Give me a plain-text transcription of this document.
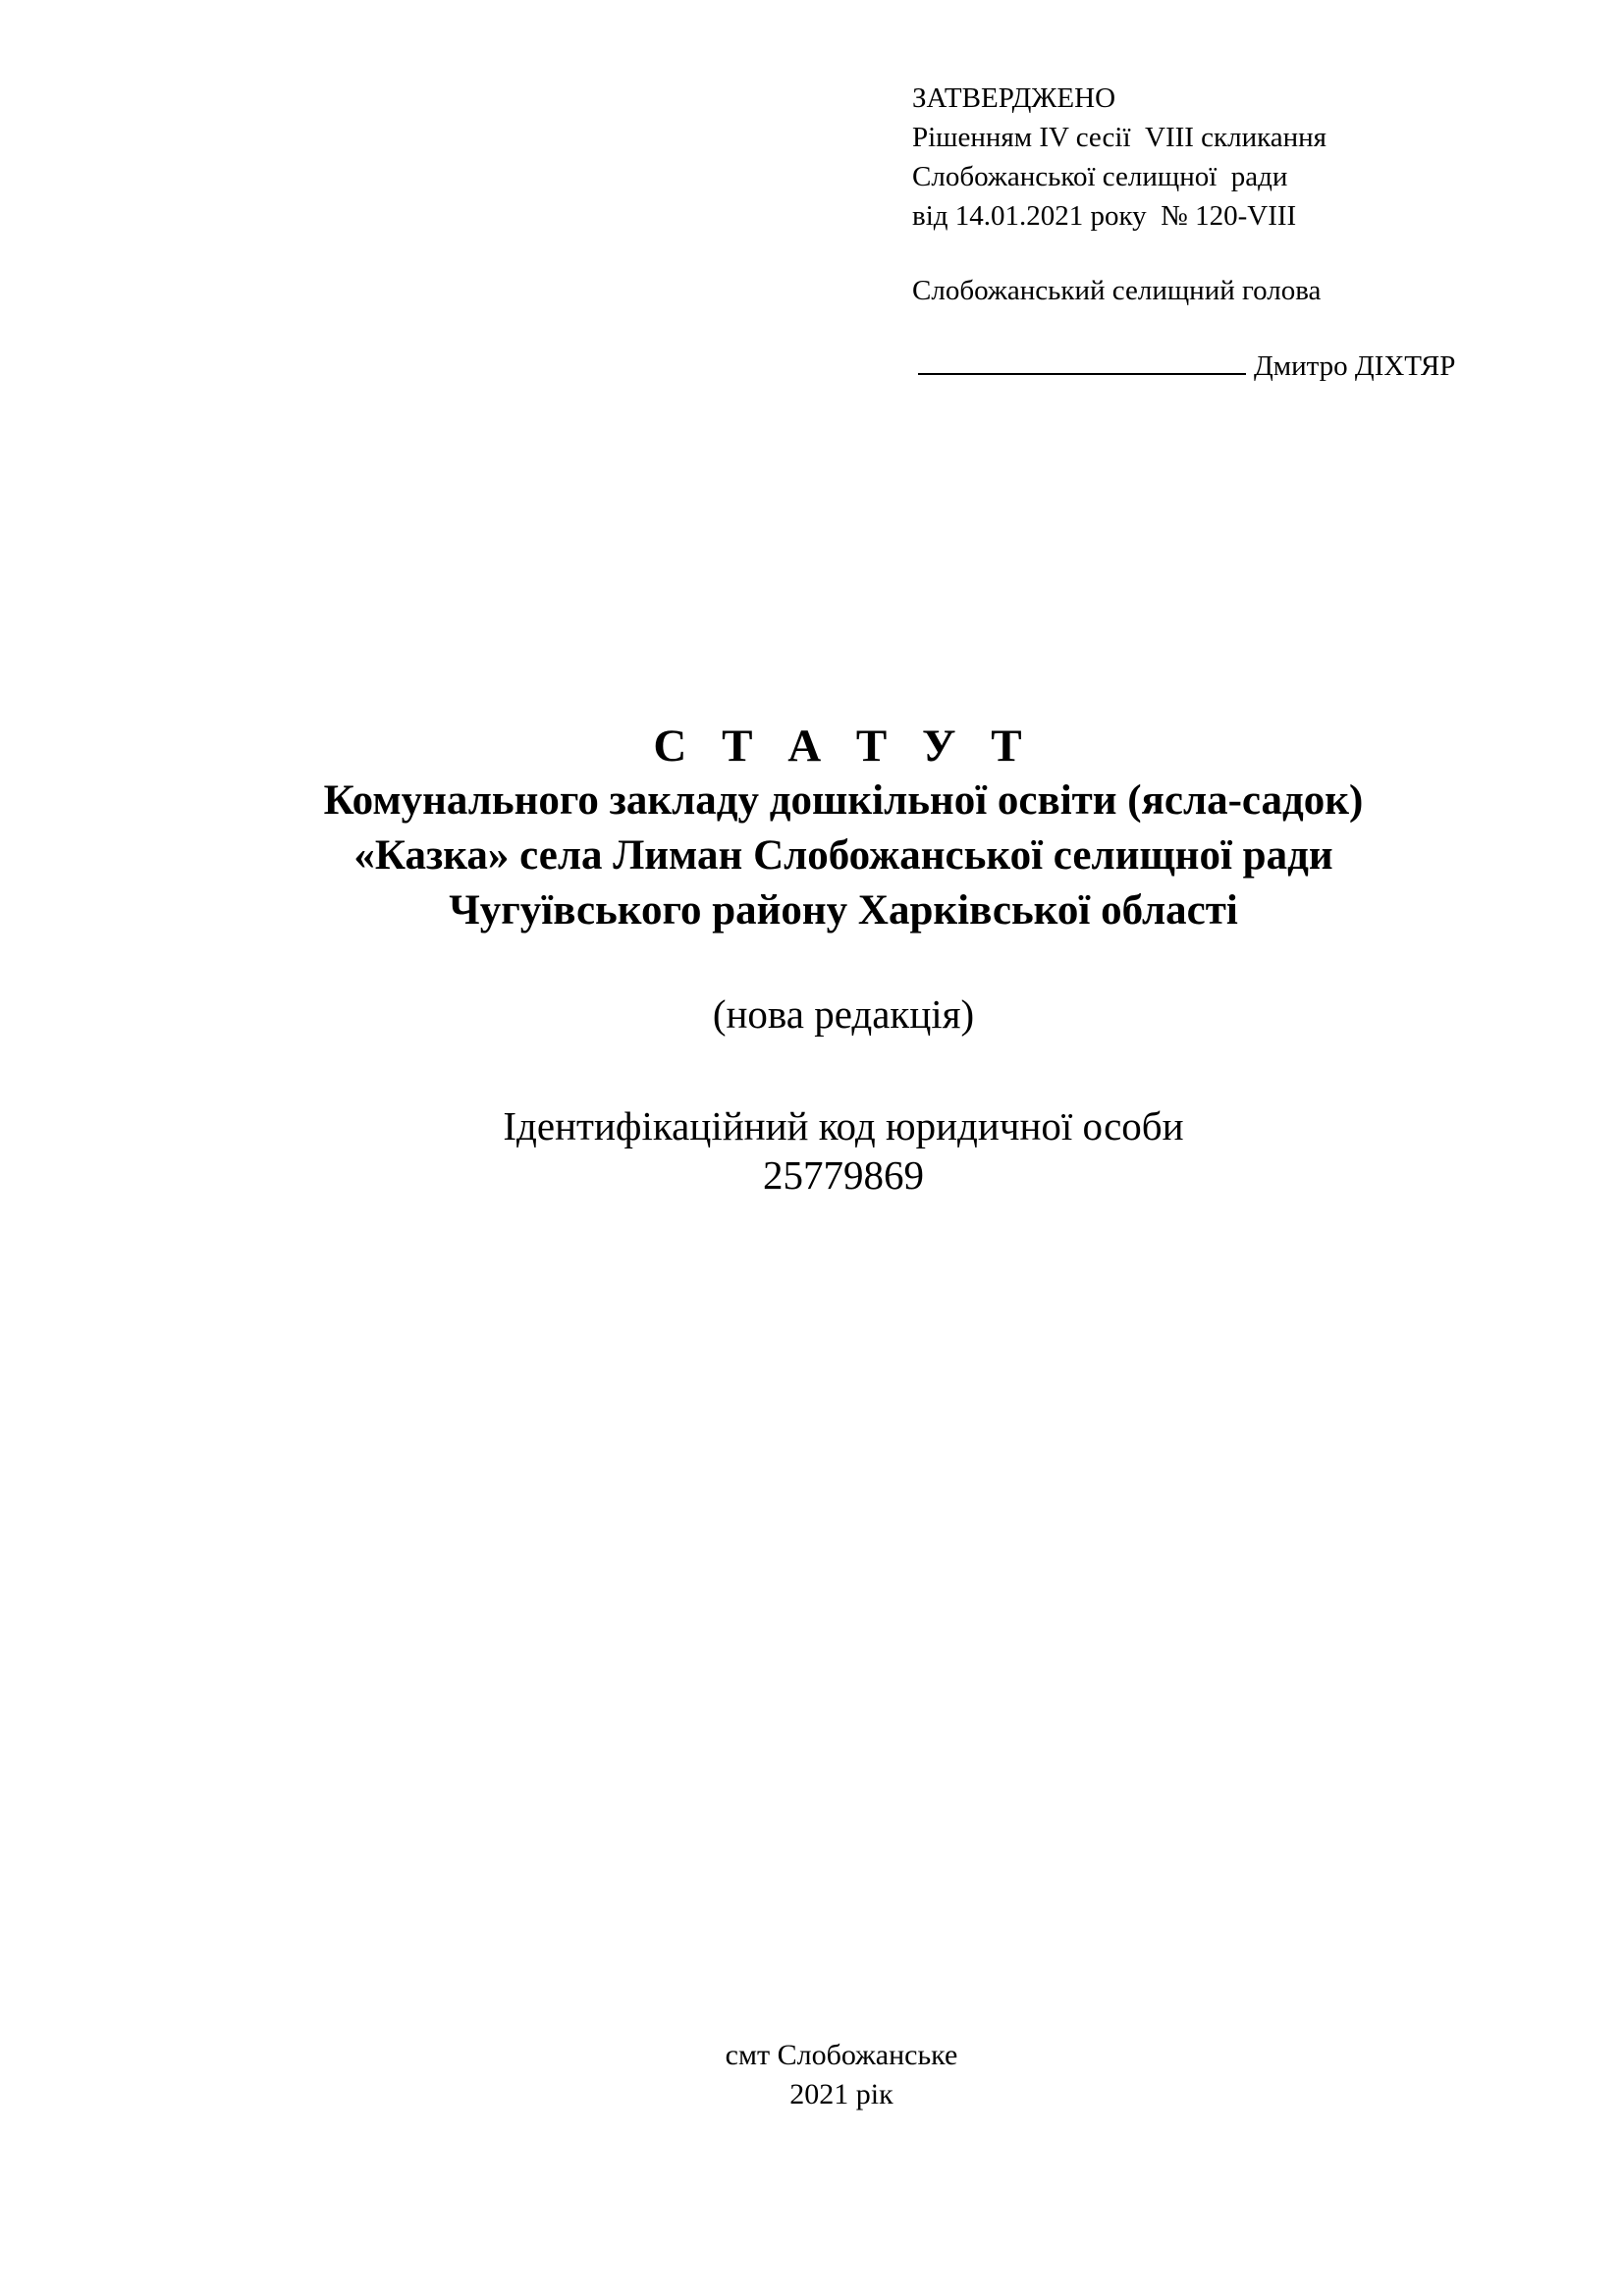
ЗАТВЕРДЖЕНО
Рішенням IV сесії  VIII скликання
Слобожанської селищної  ради
від 14.01.2021 року  № 120-VIII
Слобожанський селищний голова
Дмитро ДІХТЯР
С Т А Т У Т
Комунального закладу дошкільної освіти (ясла-садок)
«Казка» села Лиман Слобожанської селищної ради
Чугуївського району Харківської області
(нова редакція)
Ідентифікаційний код юридичної особи
25779869
смт Слобожанське
2021 рік
